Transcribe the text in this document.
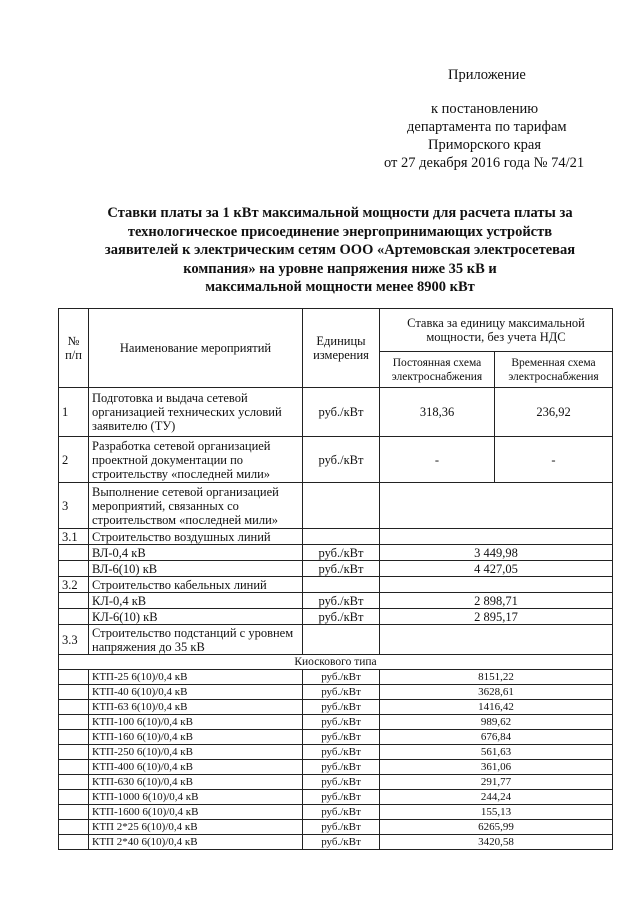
Приложение
к постановлению
департамента по тарифам
Приморского края
от 27 декабря 2016 года № 74/21
Ставки платы за 1 кВт максимальной мощности для расчета платы за
технологическое присоединение энергопринимающих устройств
заявителей к электрическим сетям ООО «Артемовская электросетевая
компания» на уровне напряжения ниже 35 кВ и
максимальной мощности менее 8900 кВт
№ п/п	Наименование мероприятий	Единицы измерения	Ставка за единицу максимальной мощности, без учета НДС	
			Постоянная схема электроснабжения	Временная схема электроснабжения
1	Подготовка и выдача сетевой организацией технических условий заявителю (ТУ)	руб./кВт	318,36	236,92
2	Разработка сетевой организацией проектной документации по строительству «последней мили»	руб./кВт	-	-
3	Выполнение сетевой организацией мероприятий, связанных со строительством «последней мили»			
3.1	Строительство воздушных линий			
	ВЛ-0,4 кВ	руб./кВт	3 449,98	
	ВЛ-6(10) кВ	руб./кВт	4 427,05	
3.2	Строительство кабельных линий			
	КЛ-0,4 кВ	руб./кВт	2 898,71	
	КЛ-6(10) кВ	руб./кВт	2 895,17	
3.3	Строительство подстанций с уровнем напряжения до 35 кВ			
Киоскового типа				
	КТП-25 6(10)/0,4 кВ	руб./кВт	8151,22	
	КТП-40 6(10)/0,4 кВ	руб./кВт	3628,61	
	КТП-63 6(10)/0,4 кВ	руб./кВт	1416,42	
	КТП-100 6(10)/0,4 кВ	руб./кВт	989,62	
	КТП-160 6(10)/0,4 кВ	руб./кВт	676,84	
	КТП-250 6(10)/0,4 кВ	руб./кВт	561,63	
	КТП-400 6(10)/0,4 кВ	руб./кВт	361,06	
	КТП-630 6(10)/0,4 кВ	руб./кВт	291,77	
	КТП-1000 6(10)/0,4 кВ	руб./кВт	244,24	
	КТП-1600 6(10)/0,4 кВ	руб./кВт	155,13	
	КТП 2*25 6(10)/0,4 кВ	руб./кВт	6265,99	
	КТП 2*40 6(10)/0,4 кВ	руб./кВт	3420,58	
